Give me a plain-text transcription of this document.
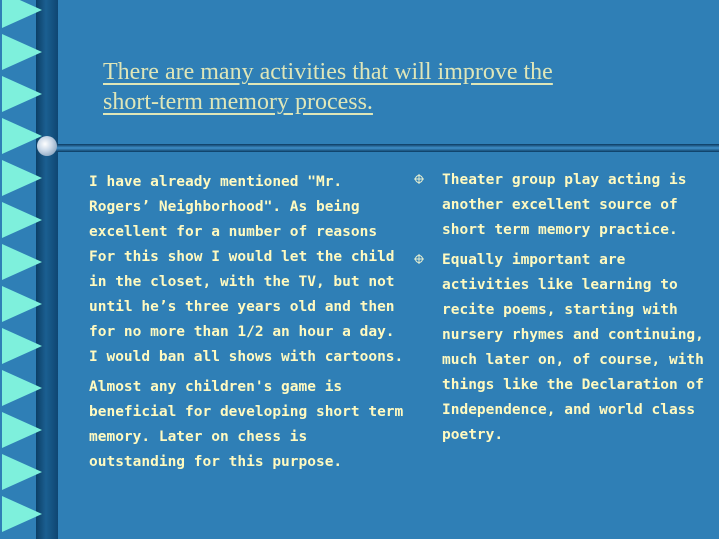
There are many activities that will improve the
short-term memory process.

I have already mentioned "Mr. Rogers’ Neighborhood". As being excellent for a number of reasons For this show I would let the child in the closet, with the TV, but not until he’s three years old and then for no more than 1/2 an hour a day. I would ban all shows with cartoons.

Almost any children's game is beneficial for developing short term memory. Later on chess is outstanding for this purpose.

Theater group play acting is another excellent source of short term memory practice.
Equally important are activities like learning to recite poems, starting with nursery rhymes and continuing, much later on, of course, with things like the Declaration of Independence, and world class poetry.
